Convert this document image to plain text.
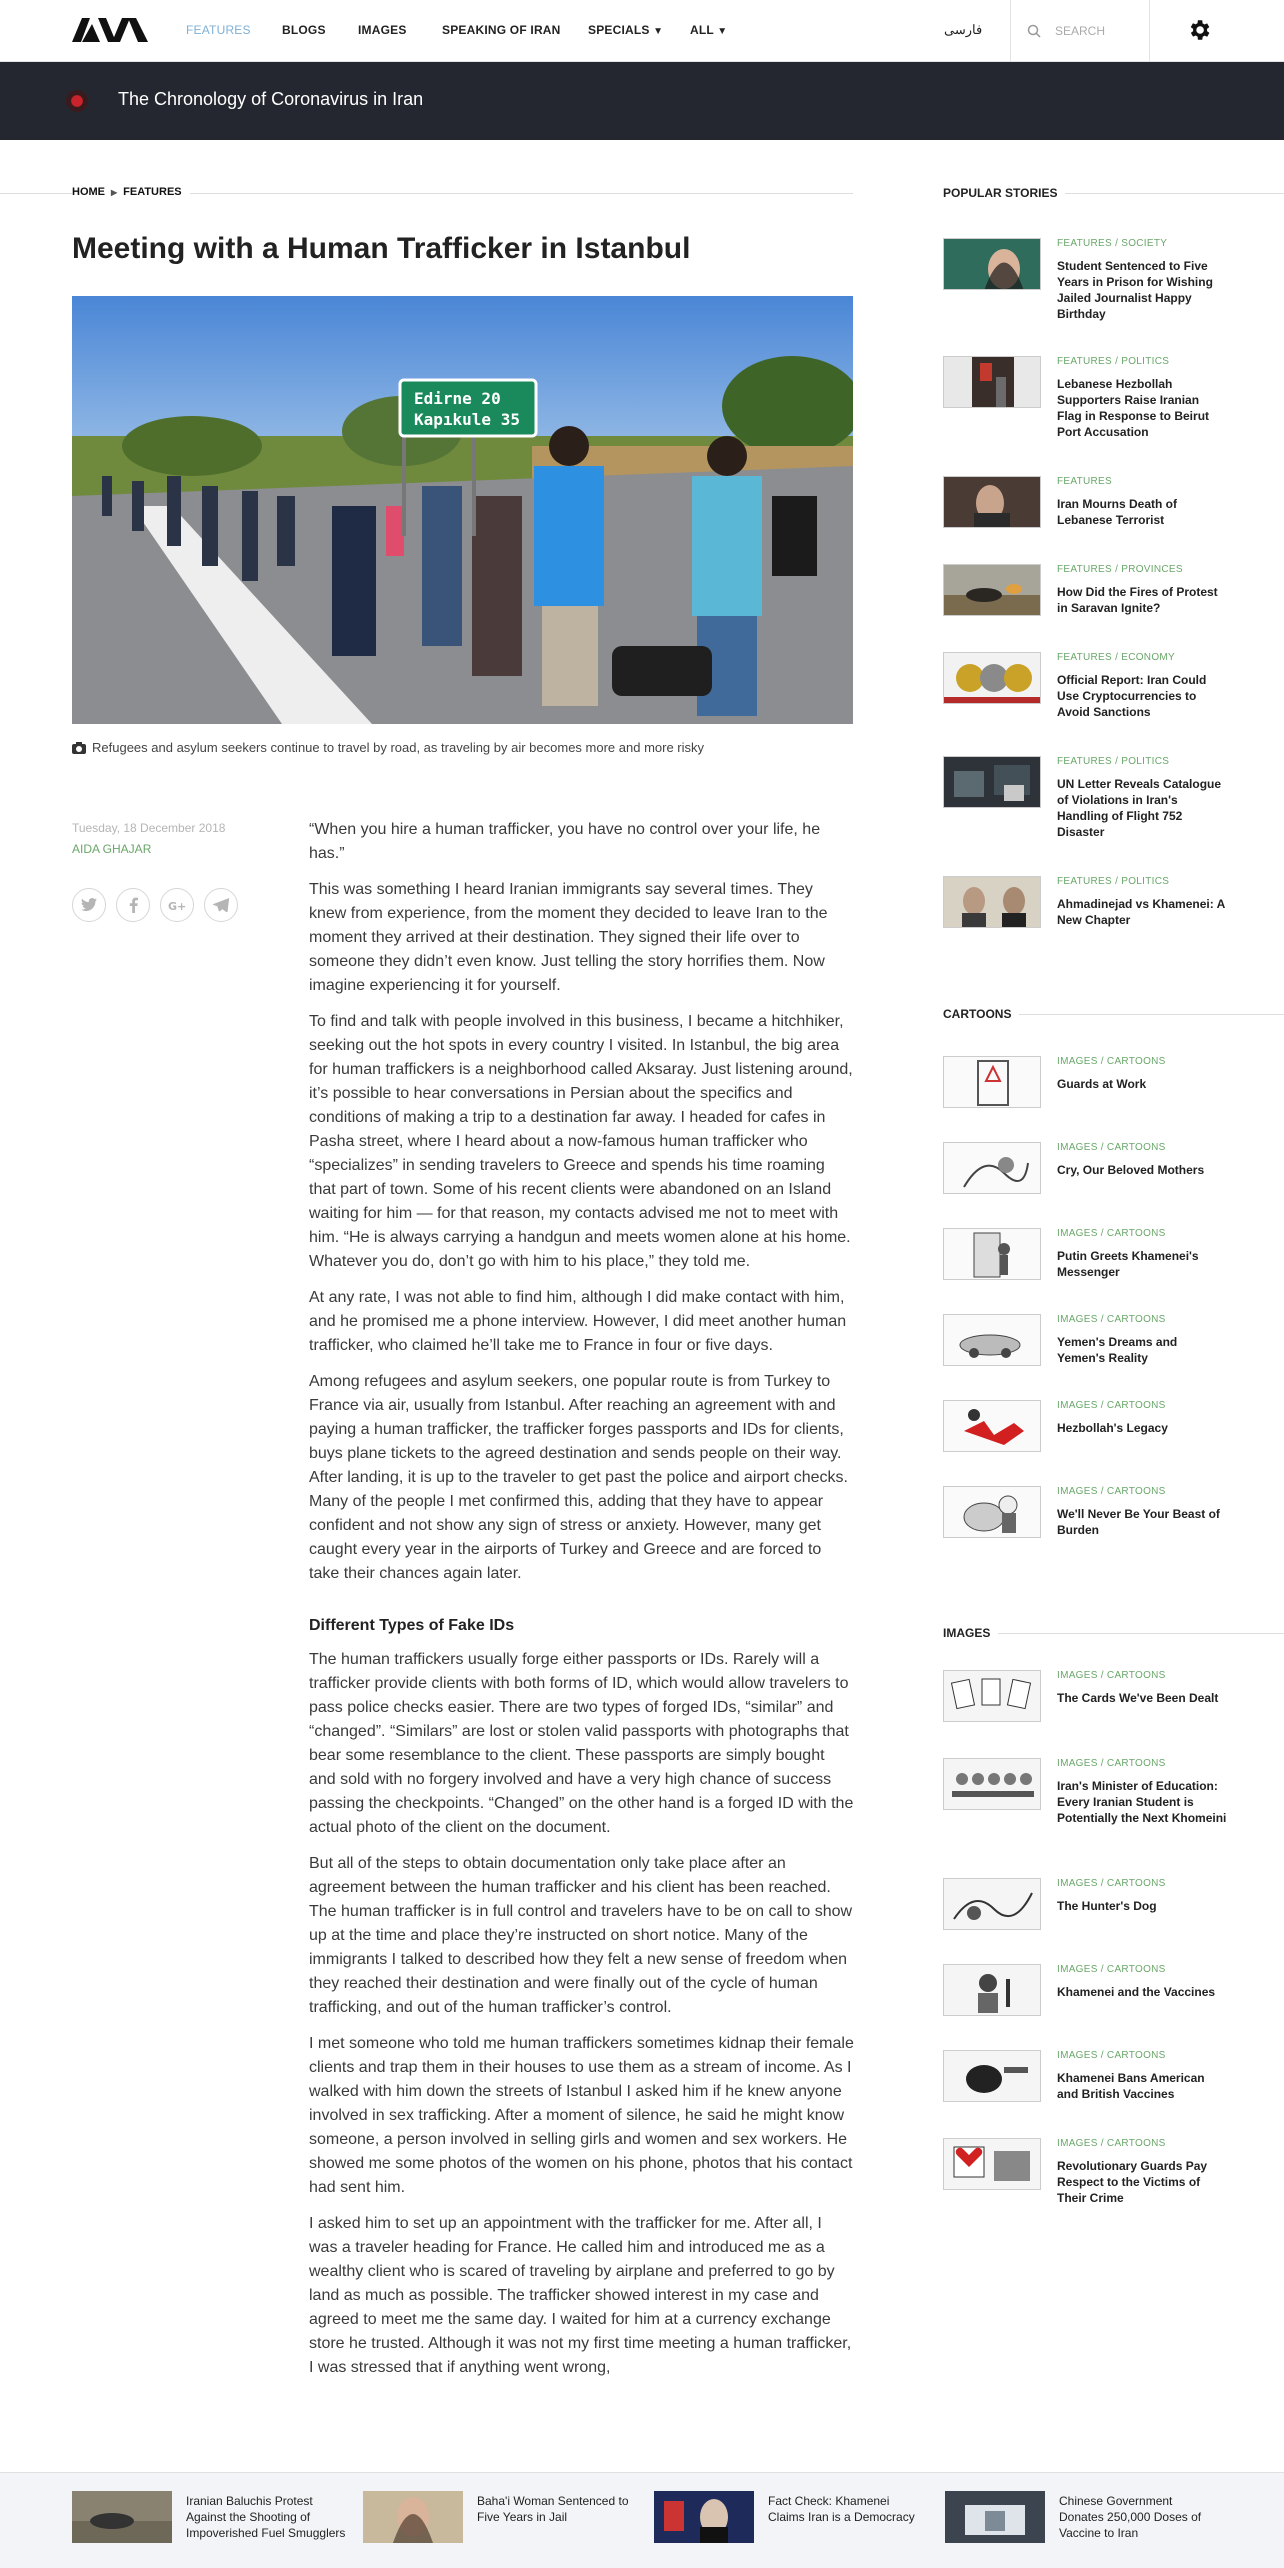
FEATURES	BLOGS	IMAGES	SPEAKING OF IRAN SPECIALS ▼ ALL ▼	فارسی	SEARCH
The Chronology of Coronavirus in Iran
HOME ▶ FEATURES
Meeting with a Human Trafficker in Istanbul
Edirne 20
Kapıkule 35
Refugees and asylum seekers continue to travel by road, as traveling by air becomes more and more risky
Tuesday, 18 December 2018
AIDA GHAJAR
G+

“When you hire a human trafficker, you have no control over your life, he has.”

This was something I heard Iranian immigrants say several times. They knew from experience, from the moment they decided to leave Iran to the moment they arrived at their destination. They signed their life over to someone they didn’t even know. Just telling the story horrifies them. Now imagine experiencing it for yourself.

To find and talk with people involved in this business, I became a hitchhiker, seeking out the hot spots in every country I visited. In Istanbul, the big area for human traffickers is a neighborhood called Aksaray. Just listening around, it’s possible to hear conversations in Persian about the specifics and conditions of making a trip to a destination far away. I headed for cafes in Pasha street, where I heard about a now-famous human trafficker who “specializes” in sending travelers to Greece and spends his time roaming that part of town. Some of his recent clients were abandoned on an Island waiting for him — for that reason, my contacts advised me not to meet with him. “He is always carrying a handgun and meets women alone at his home. Whatever you do, don’t go with him to his place,” they told me.

At any rate, I was not able to find him, although I did make contact with him, and he promised me a phone interview. However, I did meet another human trafficker, who claimed he’ll take me to France in four or five days.

Among refugees and asylum seekers, one popular route is from Turkey to France via air, usually from Istanbul. After reaching an agreement with and paying a human trafficker, the trafficker forges passports and IDs for clients, buys plane tickets to the agreed destination and sends people on their way. After landing, it is up to the traveler to get past the police and airport checks. Many of the people I met confirmed this, adding that they have to appear confident and not show any sign of stress or anxiety. However, many get caught every year in the airports of Turkey and Greece and are forced to take their chances again later.

Different Types of Fake IDs

The human traffickers usually forge either passports or IDs. Rarely will a trafficker provide clients with both forms of ID, which would allow travelers to pass police checks easier. There are two types of forged IDs, “similar” and “changed”. “Similars” are lost or stolen valid passports with photographs that bear some resemblance to the client. These passports are simply bought and sold with no forgery involved and have a very high chance of success passing the checkpoints. “Changed” on the other hand is a forged ID with the actual photo of the client on the document.

But all of the steps to obtain documentation only take place after an agreement between the human trafficker and his client has been reached. The human trafficker is in full control and travelers have to be on call to show up at the time and place they’re instructed on short notice. Many of the immigrants I talked to described how they felt a new sense of freedom when they reached their destination and were finally out of the cycle of human trafficking, and out of the human trafficker’s control.

I met someone who told me human traffickers sometimes kidnap their female clients and trap them in their houses to use them as a stream of income. As I walked with him down the streets of Istanbul I asked him if he knew anyone involved in sex trafficking. After a moment of silence, he said he might know someone, a person involved in selling girls and women and sex workers. He showed me some photos of the women on his phone, photos that his contact had sent him.

I asked him to set up an appointment with the trafficker for me. After all, I was a traveler heading for France. He called him and introduced me as a wealthy client who is scared of traveling by airplane and preferred to go by land as much as possible. The trafficker showed interest in my case and agreed to meet me the same day. I waited for him at a currency exchange store he trusted. Although it was not my first time meeting a human trafficker, I was stressed that if anything went wrong,

POPULAR STORIES
FEATURES / SOCIETY
Student Sentenced to Five Years in Prison for Wishing Jailed Journalist Happy Birthday
FEATURES / POLITICS
Lebanese Hezbollah Supporters Raise Iranian Flag in Response to Beirut Port Accusation
FEATURES
Iran Mourns Death of Lebanese Terrorist
FEATURES / PROVINCES
How Did the Fires of Protest in Saravan Ignite?
FEATURES / ECONOMY
Official Report: Iran Could Use Cryptocurrencies to Avoid Sanctions
FEATURES / POLITICS
UN Letter Reveals Catalogue of Violations in Iran's Handling of Flight 752 Disaster
FEATURES / POLITICS
Ahmadinejad vs Khamenei: A New Chapter
CARTOONS
IMAGES / CARTOONS
Guards at Work
IMAGES / CARTOONS
Cry, Our Beloved Mothers
IMAGES / CARTOONS
Putin Greets Khamenei's Messenger
IMAGES / CARTOONS
Yemen's Dreams and Yemen's Reality
IMAGES / CARTOONS
Hezbollah's Legacy
IMAGES / CARTOONS
We'll Never Be Your Beast of Burden
IMAGES
IMAGES / CARTOONS
The Cards We've Been Dealt
IMAGES / CARTOONS
Iran's Minister of Education: Every Iranian Student is Potentially the Next Khomeini
IMAGES / CARTOONS
The Hunter's Dog
IMAGES / CARTOONS
Khamenei and the Vaccines
IMAGES / CARTOONS
Khamenei Bans American and British Vaccines
IMAGES / CARTOONS
Revolutionary Guards Pay Respect to the Victims of Their Crime
Iranian Baluchis Protest Against the Shooting of Impoverished Fuel Smugglers
Baha'i Woman Sentenced to Five Years in Jail
Fact Check: Khamenei Claims Iran is a Democracy
Chinese Government Donates 250,000 Doses of Vaccine to Iran
